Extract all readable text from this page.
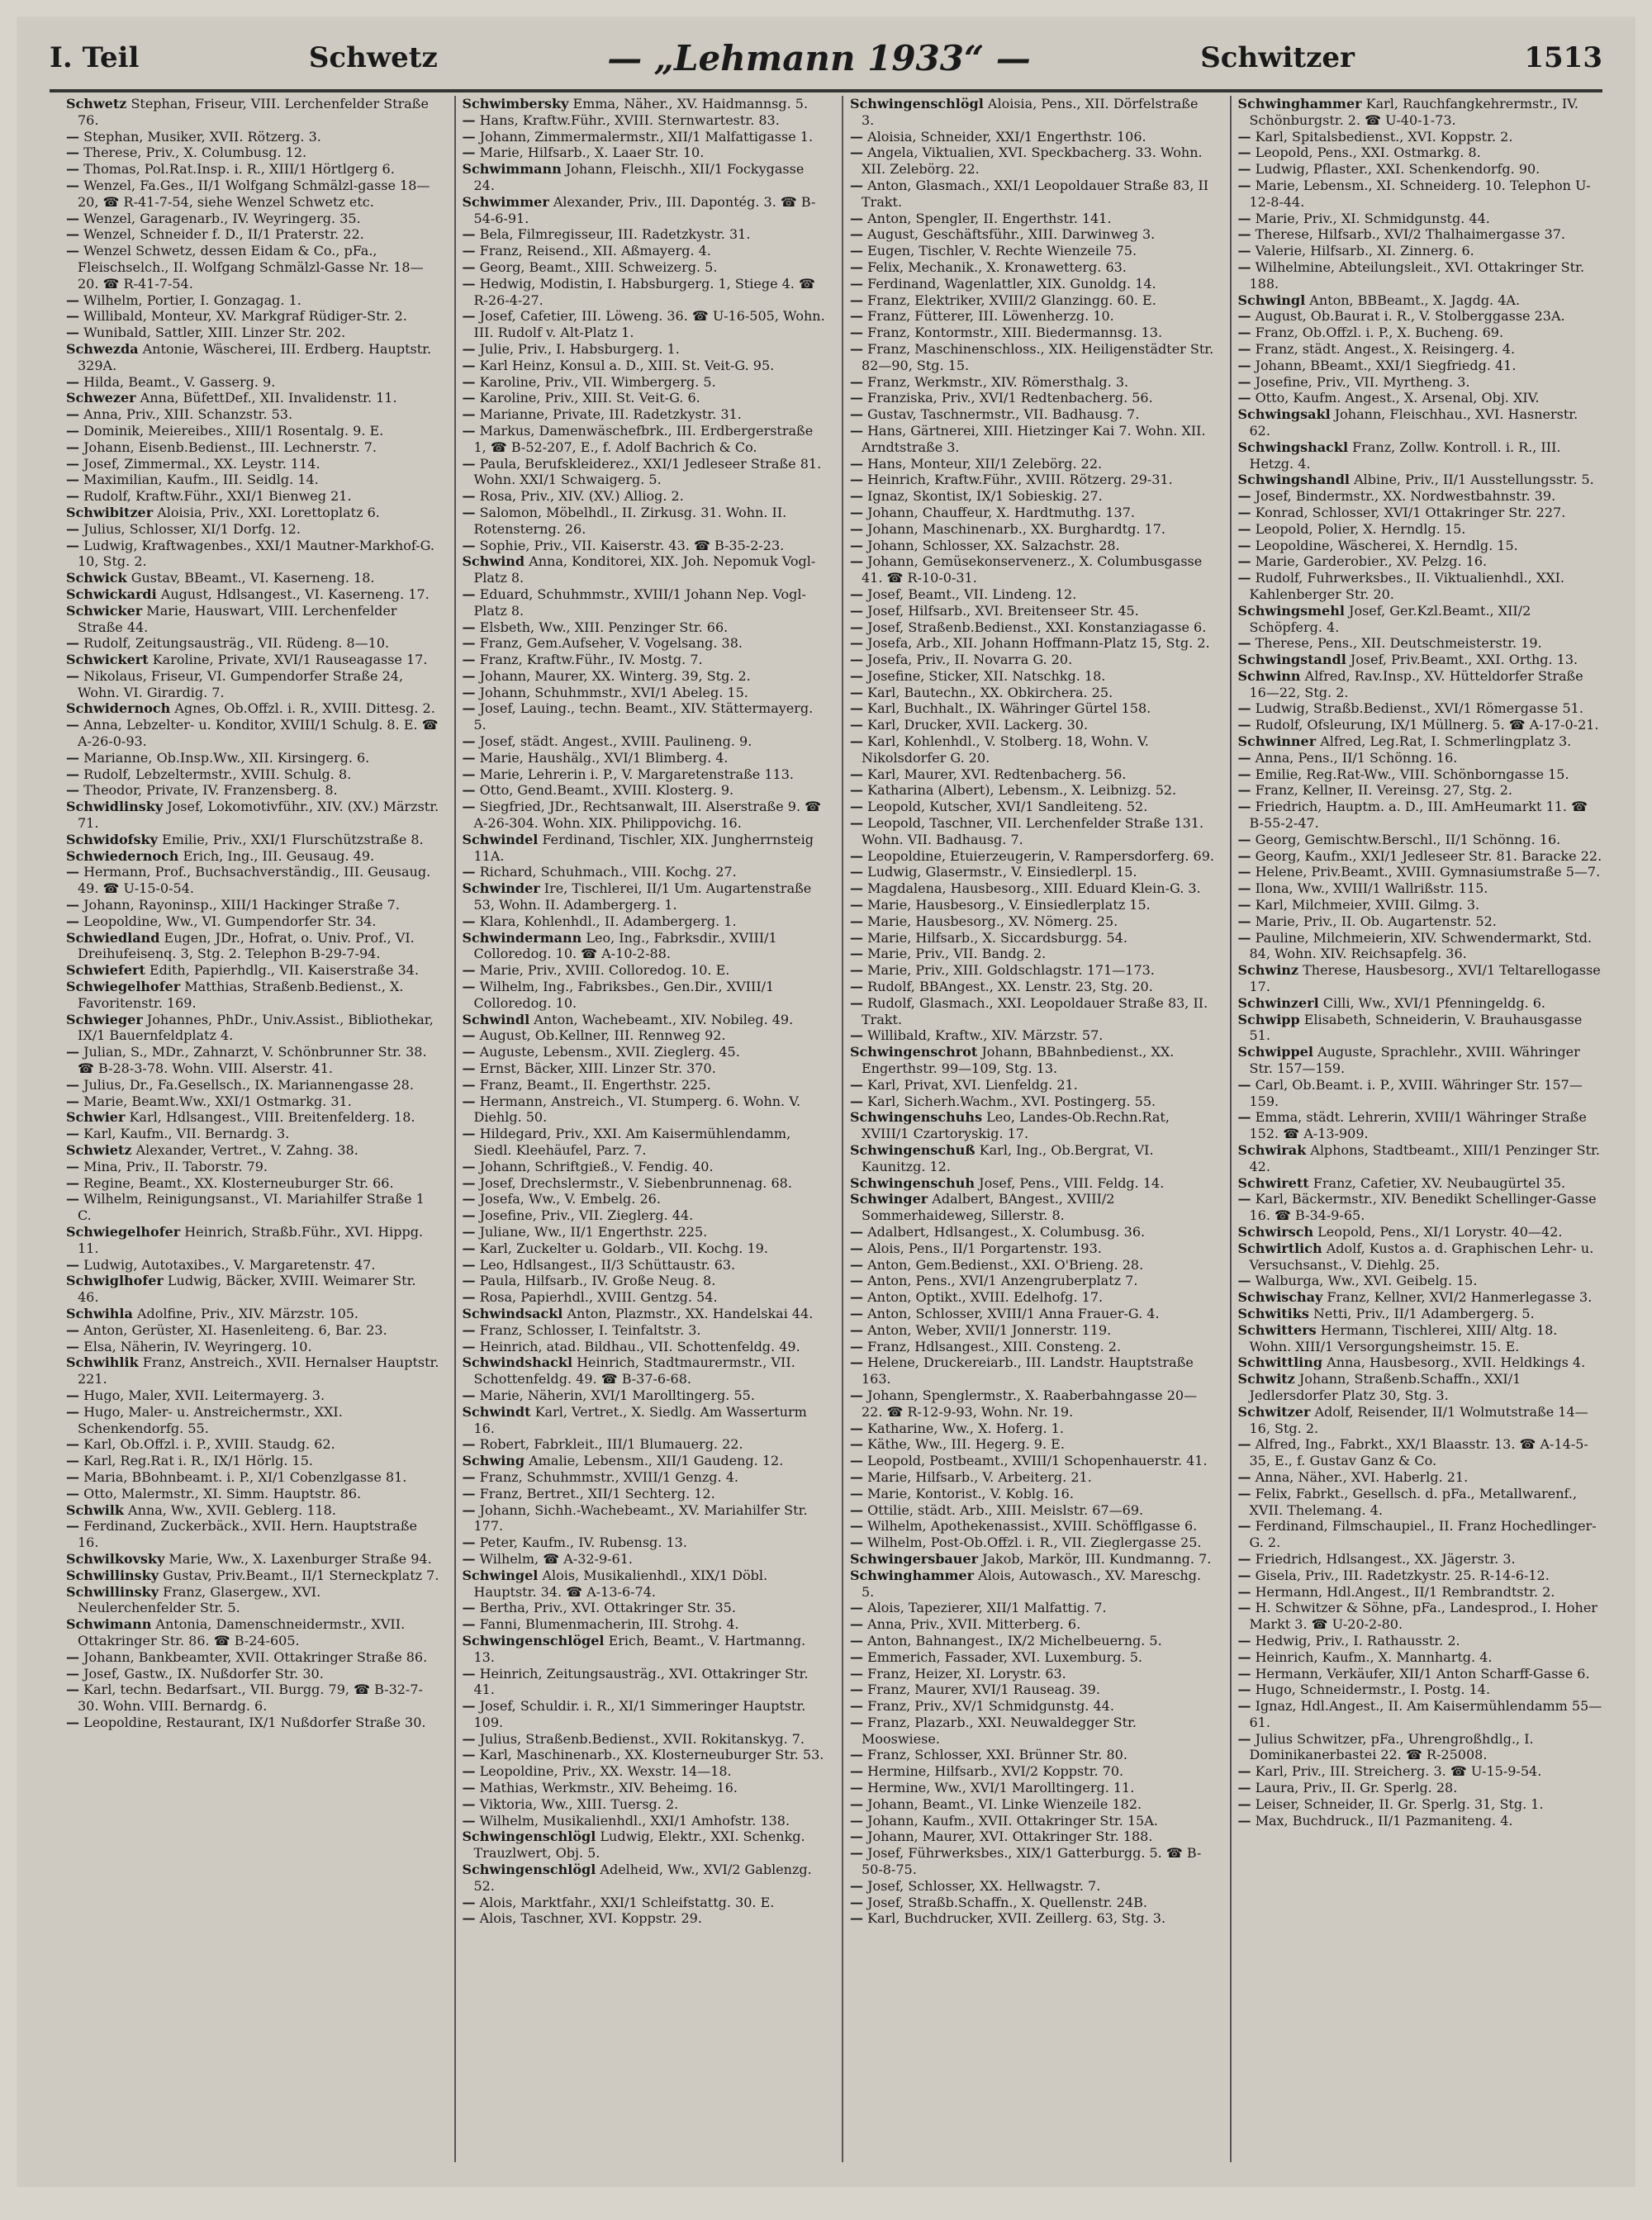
I. Teil	Schwetz	— „Lehmann 1933“ —	Schwitzer	1513
Schwetz Stephan, Friseur, VIII. Lerchenfelder Straße 76.
— Stephan, Musiker, XVII. Rötzerg. 3.
— Therese, Priv., X. Columbusg. 12.
— Thomas, Pol.Rat.Insp. i. R., XIII/1 Hörtlgerg 6.
— Wenzel, Fa.Ges., II/1 Wolfgang Schmälzl-gasse 18—20, ☎ R-41-7-54, siehe Wenzel Schwetz etc.
— Wenzel, Garagenarb., IV. Weyringerg. 35.
— Wenzel, Schneider f. D., II/1 Praterstr. 22.
— Wenzel Schwetz, dessen Eidam & Co., pFa., Fleischselch., II. Wolfgang Schmälzl-Gasse Nr. 18—20. ☎ R-41-7-54.
— Wilhelm, Portier, I. Gonzagag. 1.
— Willibald, Monteur, XV. Markgraf Rüdiger-Str. 2.
— Wunibald, Sattler, XIII. Linzer Str. 202.
Schwezda Antonie, Wäscherei, III. Erdberg. Hauptstr. 329A.
— Hilda, Beamt., V. Gasserg. 9.
Schwezer Anna, BüfettDef., XII. Invalidenstr. 11.
— Anna, Priv., XIII. Schanzstr. 53.
— Dominik, Meiereibes., XIII/1 Rosentalg. 9. E.
— Johann, Eisenb.Bedienst., III. Lechnerstr. 7.
— Josef, Zimmermal., XX. Leystr. 114.
— Maximilian, Kaufm., III. Seidlg. 14.
— Rudolf, Kraftw.Führ., XXI/1 Bienweg 21.
Schwibitzer Aloisia, Priv., XXI. Lorettoplatz 6.
— Julius, Schlosser, XI/1 Dorfg. 12.
— Ludwig, Kraftwagenbes., XXI/1 Mautner-Markhof-G. 10, Stg. 2.
Schwick Gustav, BBeamt., VI. Kaserneng. 18.
Schwickardi August, Hdlsangest., VI. Kaserneng. 17.
Schwicker Marie, Hauswart, VIII. Lerchenfelder Straße 44.
— Rudolf, Zeitungsausträg., VII. Rüdeng. 8—10.
Schwickert Karoline, Private, XVI/1 Rauseagasse 17.
— Nikolaus, Friseur, VI. Gumpendorfer Straße 24, Wohn. VI. Girardig. 7.
Schwidernoch Agnes, Ob.Offzl. i. R., XVIII. Dittesg. 2.
— Anna, Lebzelter- u. Konditor, XVIII/1 Schulg. 8. E. ☎ A-26-0-93.
— Marianne, Ob.Insp.Ww., XII. Kirsingerg. 6.
— Rudolf, Lebzeltermstr., XVIII. Schulg. 8.
— Theodor, Private, IV. Franzensberg. 8.
Schwidlinsky Josef, Lokomotivführ., XIV. (XV.) Märzstr. 71.
Schwidofsky Emilie, Priv., XXI/1 Flurschützstraße 8.
Schwiedernoch Erich, Ing., III. Geusaug. 49.
— Hermann, Prof., Buchsachverständig., III. Geusaug. 49. ☎ U-15-0-54.
— Johann, Rayoninsp., XIII/1 Hackinger Straße 7.
— Leopoldine, Ww., VI. Gumpendorfer Str. 34.
Schwiedland Eugen, JDr., Hofrat, o. Univ. Prof., VI. Dreihufeisenq. 3, Stg. 2. Telephon B-29-7-94.
Schwiefert Edith, Papierhdlg., VII. Kaiserstraße 34.
Schwiegelhofer Matthias, Straßenb.Bedienst., X. Favoritenstr. 169.
Schwieger Johannes, PhDr., Univ.Assist., Bibliothekar, IX/1 Bauernfeldplatz 4.
— Julian, S., MDr., Zahnarzt, V. Schönbrunner Str. 38. ☎ B-28-3-78. Wohn. VIII. Alserstr. 41.
— Julius, Dr., Fa.Gesellsch., IX. Mariannengasse 28.
— Marie, Beamt.Ww., XXI/1 Ostmarkg. 31.
Schwier Karl, Hdlsangest., VIII. Breitenfelderg. 18.
— Karl, Kaufm., VII. Bernardg. 3.
Schwietz Alexander, Vertret., V. Zahng. 38.
— Mina, Priv., II. Taborstr. 79.
— Regine, Beamt., XX. Klosterneuburger Str. 66.
— Wilhelm, Reinigungsanst., VI. Mariahilfer Straße 1 C.
Schwiegelhofer Heinrich, Straßb.Führ., XVI. Hippg. 11.
— Ludwig, Autotaxibes., V. Margaretenstr. 47.
Schwiglhofer Ludwig, Bäcker, XVIII. Weimarer Str. 46.
Schwihla Adolfine, Priv., XIV. Märzstr. 105.
— Anton, Gerüster, XI. Hasenleiteng. 6, Bar. 23.
— Elsa, Näherin, IV. Weyringerg. 10.
Schwihlik Franz, Anstreich., XVII. Hernalser Hauptstr. 221.
— Hugo, Maler, XVII. Leitermayerg. 3.
— Hugo, Maler- u. Anstreichermstr., XXI. Schenkendorfg. 55.
— Karl, Ob.Offzl. i. P., XVIII. Staudg. 62.
— Karl, Reg.Rat i. R., IX/1 Hörlg. 15.
— Maria, BBohnbeamt. i. P., XI/1 Cobenzlgasse 81.
— Otto, Malermstr., XI. Simm. Hauptstr. 86.
Schwilk Anna, Ww., XVII. Geblerg. 118.
— Ferdinand, Zuckerbäck., XVII. Hern. Hauptstraße 16.
Schwilkovsky Marie, Ww., X. Laxenburger Straße 94.
Schwillinsky Gustav, Priv.Beamt., II/1 Sterneckplatz 7.
Schwillinsky Franz, Glasergew., XVI. Neulerchenfelder Str. 5.
Schwimann Antonia, Damenschneidermstr., XVII. Ottakringer Str. 86. ☎ B-24-605.
— Johann, Bankbeamter, XVII. Ottakringer Straße 86.
— Josef, Gastw., IX. Nußdorfer Str. 30.
— Karl, techn. Bedarfsart., VII. Burgg. 79, ☎ B-32-7-30. Wohn. VIII. Bernardg. 6.
— Leopoldine, Restaurant, IX/1 Nußdorfer Straße 30.
Schwimbersky Emma, Näher., XV. Haidmannsg. 5.
— Hans, Kraftw.Führ., XVIII. Sternwartestr. 83.
— Johann, Zimmermalermstr., XII/1 Malfattigasse 1.
— Marie, Hilfsarb., X. Laaer Str. 10.
Schwimmann Johann, Fleischh., XII/1 Fockygasse 24.
Schwimmer Alexander, Priv., III. Dapontég. 3. ☎ B-54-6-91.
— Bela, Filmregisseur, III. Radetzkystr. 31.
— Franz, Reisend., XII. Aßmayerg. 4.
— Georg, Beamt., XIII. Schweizerg. 5.
— Hedwig, Modistin, I. Habsburgerg. 1, Stiege 4. ☎ R-26-4-27.
— Josef, Cafetier, III. Löweng. 36. ☎ U-16-505, Wohn. III. Rudolf v. Alt-Platz 1.
— Julie, Priv., I. Habsburgerg. 1.
— Karl Heinz, Konsul a. D., XIII. St. Veit-G. 95.
— Karoline, Priv., VII. Wimbergerg. 5.
— Karoline, Priv., XIII. St. Veit-G. 6.
— Marianne, Private, III. Radetzkystr. 31.
— Markus, Damenwäschefbrk., III. Erdbergerstraße 1, ☎ B-52-207, E., f. Adolf Bachrich & Co.
— Paula, Berufskleiderez., XXI/1 Jedleseer Straße 81. Wohn. XXI/1 Schwaigerg. 5.
— Rosa, Priv., XIV. (XV.) Alliog. 2.
— Salomon, Möbelhdl., II. Zirkusg. 31. Wohn. II. Rotensterng. 26.
— Sophie, Priv., VII. Kaiserstr. 43. ☎ B-35-2-23.
Schwind Anna, Konditorei, XIX. Joh. Nepomuk Vogl-Platz 8.
— Eduard, Schuhmmstr., XVIII/1 Johann Nep. Vogl-Platz 8.
— Elsbeth, Ww., XIII. Penzinger Str. 66.
— Franz, Gem.Aufseher, V. Vogelsang. 38.
— Franz, Kraftw.Führ., IV. Mostg. 7.
— Johann, Maurer, XX. Winterg. 39, Stg. 2.
— Johann, Schuhmmstr., XVI/1 Abeleg. 15.
— Josef, Lauing., techn. Beamt., XIV. Stättermayerg. 5.
— Josef, städt. Angest., XVIII. Paulineng. 9.
— Marie, Haushälg., XVI/1 Blimberg. 4.
— Marie, Lehrerin i. P., V. Margaretenstraße 113.
— Otto, Gend.Beamt., XVIII. Klosterg. 9.
— Siegfried, JDr., Rechtsanwalt, III. Alserstraße 9. ☎ A-26-304. Wohn. XIX. Philippovichg. 16.
Schwindel Ferdinand, Tischler, XIX. Jungherrnsteig 11A.
— Richard, Schuhmach., VIII. Kochg. 27.
Schwinder Ire, Tischlerei, II/1 Um. Augartenstraße 53, Wohn. II. Adambergerg. 1.
— Klara, Kohlenhdl., II. Adambergerg. 1.
Schwindermann Leo, Ing., Fabrksdir., XVIII/1 Colloredog. 10. ☎ A-10-2-88.
— Marie, Priv., XVIII. Colloredog. 10. E.
— Wilhelm, Ing., Fabriksbes., Gen.Dir., XVIII/1 Colloredog. 10.
Schwindl Anton, Wachebeamt., XIV. Nobileg. 49.
— August, Ob.Kellner, III. Rennweg 92.
— Auguste, Lebensm., XVII. Zieglerg. 45.
— Ernst, Bäcker, XIII. Linzer Str. 370.
— Franz, Beamt., II. Engerthstr. 225.
— Hermann, Anstreich., VI. Stumperg. 6. Wohn. V. Diehlg. 50.
— Hildegard, Priv., XXI. Am Kaisermühlendamm, Siedl. Kleehäufel, Parz. 7.
— Johann, Schriftgieß., V. Fendig. 40.
— Josef, Drechslermstr., V. Siebenbrunnenag. 68.
— Josefa, Ww., V. Embelg. 26.
— Josefine, Priv., VII. Zieglerg. 44.
— Juliane, Ww., II/1 Engerthstr. 225.
— Karl, Zuckelter u. Goldarb., VII. Kochg. 19.
— Leo, Hdlsangest., II/3 Schüttaustr. 63.
— Paula, Hilfsarb., IV. Große Neug. 8.
— Rosa, Papierhdl., XVIII. Gentzg. 54.
Schwindsackl Anton, Plazmstr., XX. Handelskai 44.
— Franz, Schlosser, I. Teinfaltstr. 3.
— Heinrich, atad. Bildhau., VII. Schottenfeldg. 49.
Schwindshackl Heinrich, Stadtmaurermstr., VII. Schottenfeldg. 49. ☎ B-37-6-68.
— Marie, Näherin, XVI/1 Marolltingerg. 55.
Schwindt Karl, Vertret., X. Siedlg. Am Wasserturm 16.
— Robert, Fabrkleit., III/1 Blumauerg. 22.
Schwing Amalie, Lebensm., XII/1 Gaudeng. 12.
— Franz, Schuhmmstr., XVIII/1 Genzg. 4.
— Franz, Bertret., XII/1 Sechterg. 12.
— Johann, Sichh.-Wachebeamt., XV. Mariahilfer Str. 177.
— Peter, Kaufm., IV. Rubensg. 13.
— Wilhelm, ☎ A-32-9-61.
Schwingel Alois, Musikalienhdl., XIX/1 Döbl. Hauptstr. 34. ☎ A-13-6-74.
— Bertha, Priv., XVI. Ottakringer Str. 35.
— Fanni, Blumenmacherin, III. Strohg. 4.
Schwingenschlögel Erich, Beamt., V. Hartmanng. 13.
— Heinrich, Zeitungsausträg., XVI. Ottakringer Str. 41.
— Josef, Schuldir. i. R., XI/1 Simmeringer Hauptstr. 109.
— Julius, Straßenb.Bedienst., XVII. Rokitanskyg. 7.
— Karl, Maschinenarb., XX. Klosterneuburger Str. 53.
— Leopoldine, Priv., XX. Wexstr. 14—18.
— Mathias, Werkmstr., XIV. Beheimg. 16.
— Viktoria, Ww., XIII. Tuersg. 2.
— Wilhelm, Musikalienhdl., XXI/1 Amhofstr. 138.
Schwingenschlögl Ludwig, Elektr., XXI. Schenkg. Trauzlwert, Obj. 5.
Schwingenschlögl Adelheid, Ww., XVI/2 Gablenzg. 52.
— Alois, Marktfahr., XXI/1 Schleifstattg. 30. E.
— Alois, Taschner, XVI. Koppstr. 29.
Schwingenschlögl Aloisia, Pens., XII. Dörfelstraße 3.
— Aloisia, Schneider, XXI/1 Engerthstr. 106.
— Angela, Viktualien, XVI. Speckbacherg. 33. Wohn. XII. Zelebörg. 22.
— Anton, Glasmach., XXI/1 Leopoldauer Straße 83, II Trakt.
— Anton, Spengler, II. Engerthstr. 141.
— August, Geschäftsführ., XIII. Darwinweg 3.
— Eugen, Tischler, V. Rechte Wienzeile 75.
— Felix, Mechanik., X. Kronawetterg. 63.
— Ferdinand, Wagenlattler, XIX. Gunoldg. 14.
— Franz, Elektriker, XVIII/2 Glanzingg. 60. E.
— Franz, Fütterer, III. Löwenherzg. 10.
— Franz, Kontormstr., XIII. Biedermannsg. 13.
— Franz, Maschinenschloss., XIX. Heiligenstädter Str. 82—90, Stg. 15.
— Franz, Werkmstr., XIV. Römersthalg. 3.
— Franziska, Priv., XVI/1 Redtenbacherg. 56.
— Gustav, Taschnermstr., VII. Badhausg. 7.
— Hans, Gärtnerei, XIII. Hietzinger Kai 7. Wohn. XII. Arndtstraße 3.
— Hans, Monteur, XII/1 Zelebörg. 22.
— Heinrich, Kraftw.Führ., XVIII. Rötzerg. 29-31.
— Ignaz, Skontist, IX/1 Sobieskig. 27.
— Johann, Chauffeur, X. Hardtmuthg. 137.
— Johann, Maschinenarb., XX. Burghardtg. 17.
— Johann, Schlosser, XX. Salzachstr. 28.
— Johann, Gemüsekonservenerz., X. Columbusgasse 41. ☎ R-10-0-31.
— Josef, Beamt., VII. Lindeng. 12.
— Josef, Hilfsarb., XVI. Breitenseer Str. 45.
— Josef, Straßenb.Bedienst., XXI. Konstanziagasse 6.
— Josefa, Arb., XII. Johann Hoffmann-Platz 15, Stg. 2.
— Josefa, Priv., II. Novarra G. 20.
— Josefine, Sticker, XII. Natschkg. 18.
— Karl, Bautechn., XX. Obkirchera. 25.
— Karl, Buchhalt., IX. Währinger Gürtel 158.
— Karl, Drucker, XVII. Lackerg. 30.
— Karl, Kohlenhdl., V. Stolberg. 18, Wohn. V. Nikolsdorfer G. 20.
— Karl, Maurer, XVI. Redtenbacherg. 56.
— Katharina (Albert), Lebensm., X. Leibnizg. 52.
— Leopold, Kutscher, XVI/1 Sandleiteng. 52.
— Leopold, Taschner, VII. Lerchenfelder Straße 131. Wohn. VII. Badhausg. 7.
— Leopoldine, Etuierzeugerin, V. Rampersdorferg. 69.
— Ludwig, Glasermstr., V. Einsiedlerpl. 15.
— Magdalena, Hausbesorg., XIII. Eduard Klein-G. 3.
— Marie, Hausbesorg., V. Einsiedlerplatz 15.
— Marie, Hausbesorg., XV. Nömerg. 25.
— Marie, Hilfsarb., X. Siccardsburgg. 54.
— Marie, Priv., VII. Bandg. 2.
— Marie, Priv., XIII. Goldschlagstr. 171—173.
— Rudolf, BBAngest., XX. Lenstr. 23, Stg. 20.
— Rudolf, Glasmach., XXI. Leopoldauer Straße 83, II. Trakt.
— Willibald, Kraftw., XIV. Märzstr. 57.
Schwingenschrot Johann, BBahnbedienst., XX. Engerthstr. 99—109, Stg. 13.
— Karl, Privat, XVI. Lienfeldg. 21.
— Karl, Sicherh.Wachm., XVI. Postingerg. 55.
Schwingenschuhs Leo, Landes-Ob.Rechn.Rat, XVIII/1 Czartoryskig. 17.
Schwingenschuß Karl, Ing., Ob.Bergrat, VI. Kaunitzg. 12.
Schwingenschuh Josef, Pens., VIII. Feldg. 14.
Schwinger Adalbert, BAngest., XVIII/2 Sommerhaideweg, Sillerstr. 8.
— Adalbert, Hdlsangest., X. Columbusg. 36.
— Alois, Pens., II/1 Porgartenstr. 193.
— Anton, Gem.Bedienst., XXI. O'Brieng. 28.
— Anton, Pens., XVI/1 Anzengruberplatz 7.
— Anton, Optikt., XVIII. Edelhofg. 17.
— Anton, Schlosser, XVIII/1 Anna Frauer-G. 4.
— Anton, Weber, XVII/1 Jonnerstr. 119.
— Franz, Hdlsangest., XIII. Consteng. 2.
— Helene, Druckereiarb., III. Landstr. Hauptstraße 163.
— Johann, Spenglermstr., X. Raaberbahngasse 20—22. ☎ R-12-9-93, Wohn. Nr. 19.
— Katharine, Ww., X. Hoferg. 1.
— Käthe, Ww., III. Hegerg. 9. E.
— Leopold, Postbeamt., XVIII/1 Schopenhauerstr. 41.
— Marie, Hilfsarb., V. Arbeiterg. 21.
— Marie, Kontorist., V. Koblg. 16.
— Ottilie, städt. Arb., XIII. Meislstr. 67—69.
— Wilhelm, Apothekenassist., XVIII. Schöfflgasse 6.
— Wilhelm, Post-Ob.Offzl. i. R., VII. Zieglergasse 25.
Schwingersbauer Jakob, Markör, III. Kundmanng. 7.
Schwinghammer Alois, Autowasch., XV. Mareschg. 5.
— Alois, Tapezierer, XII/1 Malfattig. 7.
— Anna, Priv., XVII. Mitterberg. 6.
— Anton, Bahnangest., IX/2 Michelbeuerng. 5.
— Emmerich, Fassader, XVI. Luxemburg. 5.
— Franz, Heizer, XI. Lorystr. 63.
— Franz, Maurer, XVI/1 Rauseag. 39.
— Franz, Priv., XV/1 Schmidgunstg. 44.
— Franz, Plazarb., XXI. Neuwaldegger Str. Mooswiese.
— Franz, Schlosser, XXI. Brünner Str. 80.
— Hermine, Hilfsarb., XVI/2 Koppstr. 70.
— Hermine, Ww., XVI/1 Marolltingerg. 11.
— Johann, Beamt., VI. Linke Wienzeile 182.
— Johann, Kaufm., XVII. Ottakringer Str. 15A.
— Johann, Maurer, XVI. Ottakringer Str. 188.
— Josef, Führwerksbes., XIX/1 Gatterburgg. 5. ☎ B-50-8-75.
— Josef, Schlosser, XX. Hellwagstr. 7.
— Josef, Straßb.Schaffn., X. Quellenstr. 24B.
— Karl, Buchdrucker, XVII. Zeillerg. 63, Stg. 3.
Schwinghammer Karl, Rauchfangkehrermstr., IV. Schönburgstr. 2. ☎ U-40-1-73.
— Karl, Spitalsbedienst., XVI. Koppstr. 2.
— Leopold, Pens., XXI. Ostmarkg. 8.
— Ludwig, Pflaster., XXI. Schenkendorfg. 90.
— Marie, Lebensm., XI. Schneiderg. 10. Telephon U-12-8-44.
— Marie, Priv., XI. Schmidgunstg. 44.
— Therese, Hilfsarb., XVI/2 Thalhaimergasse 37.
— Valerie, Hilfsarb., XI. Zinnerg. 6.
— Wilhelmine, Abteilungsleit., XVI. Ottakringer Str. 188.
Schwingl Anton, BBBeamt., X. Jagdg. 4A.
— August, Ob.Baurat i. R., V. Stolberggasse 23A.
— Franz, Ob.Offzl. i. P., X. Bucheng. 69.
— Franz, städt. Angest., X. Reisingerg. 4.
— Johann, BBeamt., XXI/1 Siegfriedg. 41.
— Josefine, Priv., VII. Myrtheng. 3.
— Otto, Kaufm. Angest., X. Arsenal, Obj. XIV.
Schwingsakl Johann, Fleischhau., XVI. Hasnerstr. 62.
Schwingshackl Franz, Zollw. Kontroll. i. R., III. Hetzg. 4.
Schwingshandl Albine, Priv., II/1 Ausstellungsstr. 5.
— Josef, Bindermstr., XX. Nordwestbahnstr. 39.
— Konrad, Schlosser, XVI/1 Ottakringer Str. 227.
— Leopold, Polier, X. Herndlg. 15.
— Leopoldine, Wäscherei, X. Herndlg. 15.
— Marie, Garderobier., XV. Pelzg. 16.
— Rudolf, Fuhrwerksbes., II. Viktualienhdl., XXI. Kahlenberger Str. 20.
Schwingsmehl Josef, Ger.Kzl.Beamt., XII/2 Schöpferg. 4.
— Therese, Pens., XII. Deutschmeisterstr. 19.
Schwingstandl Josef, Priv.Beamt., XXI. Orthg. 13.
Schwinn Alfred, Rav.Insp., XV. Hütteldorfer Straße 16—22, Stg. 2.
— Ludwig, Straßb.Bedienst., XVI/1 Römergasse 51.
— Rudolf, Ofsleurung, IX/1 Müllnerg. 5. ☎ A-17-0-21.
Schwinner Alfred, Leg.Rat, I. Schmerlingplatz 3.
— Anna, Pens., II/1 Schönng. 16.
— Emilie, Reg.Rat-Ww., VIII. Schönborngasse 15.
— Franz, Kellner, II. Vereinsg. 27, Stg. 2.
— Friedrich, Hauptm. a. D., III. AmHeumarkt 11. ☎ B-55-2-47.
— Georg, Gemischtw.Berschl., II/1 Schönng. 16.
— Georg, Kaufm., XXI/1 Jedleseer Str. 81. Baracke 22.
— Helene, Priv.Beamt., XVIII. Gymnasiumstraße 5—7.
— Ilona, Ww., XVIII/1 Wallrißstr. 115.
— Karl, Milchmeier, XVIII. Gilmg. 3.
— Marie, Priv., II. Ob. Augartenstr. 52.
— Pauline, Milchmeierin, XIV. Schwendermarkt, Std. 84, Wohn. XIV. Reichsapfelg. 36.
Schwinz Therese, Hausbesorg., XVI/1 Teltarellogasse 17.
Schwinzerl Cilli, Ww., XVI/1 Pfenningeldg. 6.
Schwipp Elisabeth, Schneiderin, V. Brauhausgasse 51.
Schwippel Auguste, Sprachlehr., XVIII. Währinger Str. 157—159.
— Carl, Ob.Beamt. i. P., XVIII. Währinger Str. 157—159.
— Emma, städt. Lehrerin, XVIII/1 Währinger Straße 152. ☎ A-13-909.
Schwirak Alphons, Stadtbeamt., XIII/1 Penzinger Str. 42.
Schwirett Franz, Cafetier, XV. Neubaugürtel 35.
— Karl, Bäckermstr., XIV. Benedikt Schellinger-Gasse 16. ☎ B-34-9-65.
Schwirsch Leopold, Pens., XI/1 Lorystr. 40—42.
Schwirtlich Adolf, Kustos a. d. Graphischen Lehr- u. Versuchsanst., V. Diehlg. 25.
— Walburga, Ww., XVI. Geibelg. 15.
Schwischay Franz, Kellner, XVI/2 Hanmerlegasse 3.
Schwitiks Netti, Priv., II/1 Adambergerg. 5.
Schwitters Hermann, Tischlerei, XIII/ Altg. 18. Wohn. XIII/1 Versorgungsheimstr. 15. E.
Schwittling Anna, Hausbesorg., XVII. Heldkings 4.
Schwitz Johann, Straßenb.Schaffn., XXI/1 Jedlersdorfer Platz 30, Stg. 3.
Schwitzer Adolf, Reisender, II/1 Wolmutstraße 14—16, Stg. 2.
— Alfred, Ing., Fabrkt., XX/1 Blaasstr. 13. ☎ A-14-5-35, E., f. Gustav Ganz & Co.
— Anna, Näher., XVI. Haberlg. 21.
— Felix, Fabrkt., Gesellsch. d. pFa., Metallwarenf., XVII. Thelemang. 4.
— Ferdinand, Filmschaupiel., II. Franz Hochedlinger-G. 2.
— Friedrich, Hdlsangest., XX. Jägerstr. 3.
— Gisela, Priv., III. Radetzkystr. 25. R-14-6-12.
— Hermann, Hdl.Angest., II/1 Rembrandtstr. 2.
— H. Schwitzer & Söhne, pFa., Landesprod., I. Hoher Markt 3. ☎ U-20-2-80.
— Hedwig, Priv., I. Rathausstr. 2.
— Heinrich, Kaufm., X. Mannhartg. 4.
— Hermann, Verkäufer, XII/1 Anton Scharff-Gasse 6.
— Hugo, Schneidermstr., I. Postg. 14.
— Ignaz, Hdl.Angest., II. Am Kaisermühlendamm 55—61.
— Julius Schwitzer, pFa., Uhrengroßhdlg., I. Dominikanerbastei 22. ☎ R-25008.
— Karl, Priv., III. Streicherg. 3. ☎ U-15-9-54.
— Laura, Priv., II. Gr. Sperlg. 28.
— Leiser, Schneider, II. Gr. Sperlg. 31, Stg. 1.
— Max, Buchdruck., II/1 Pazmaniteng. 4.
